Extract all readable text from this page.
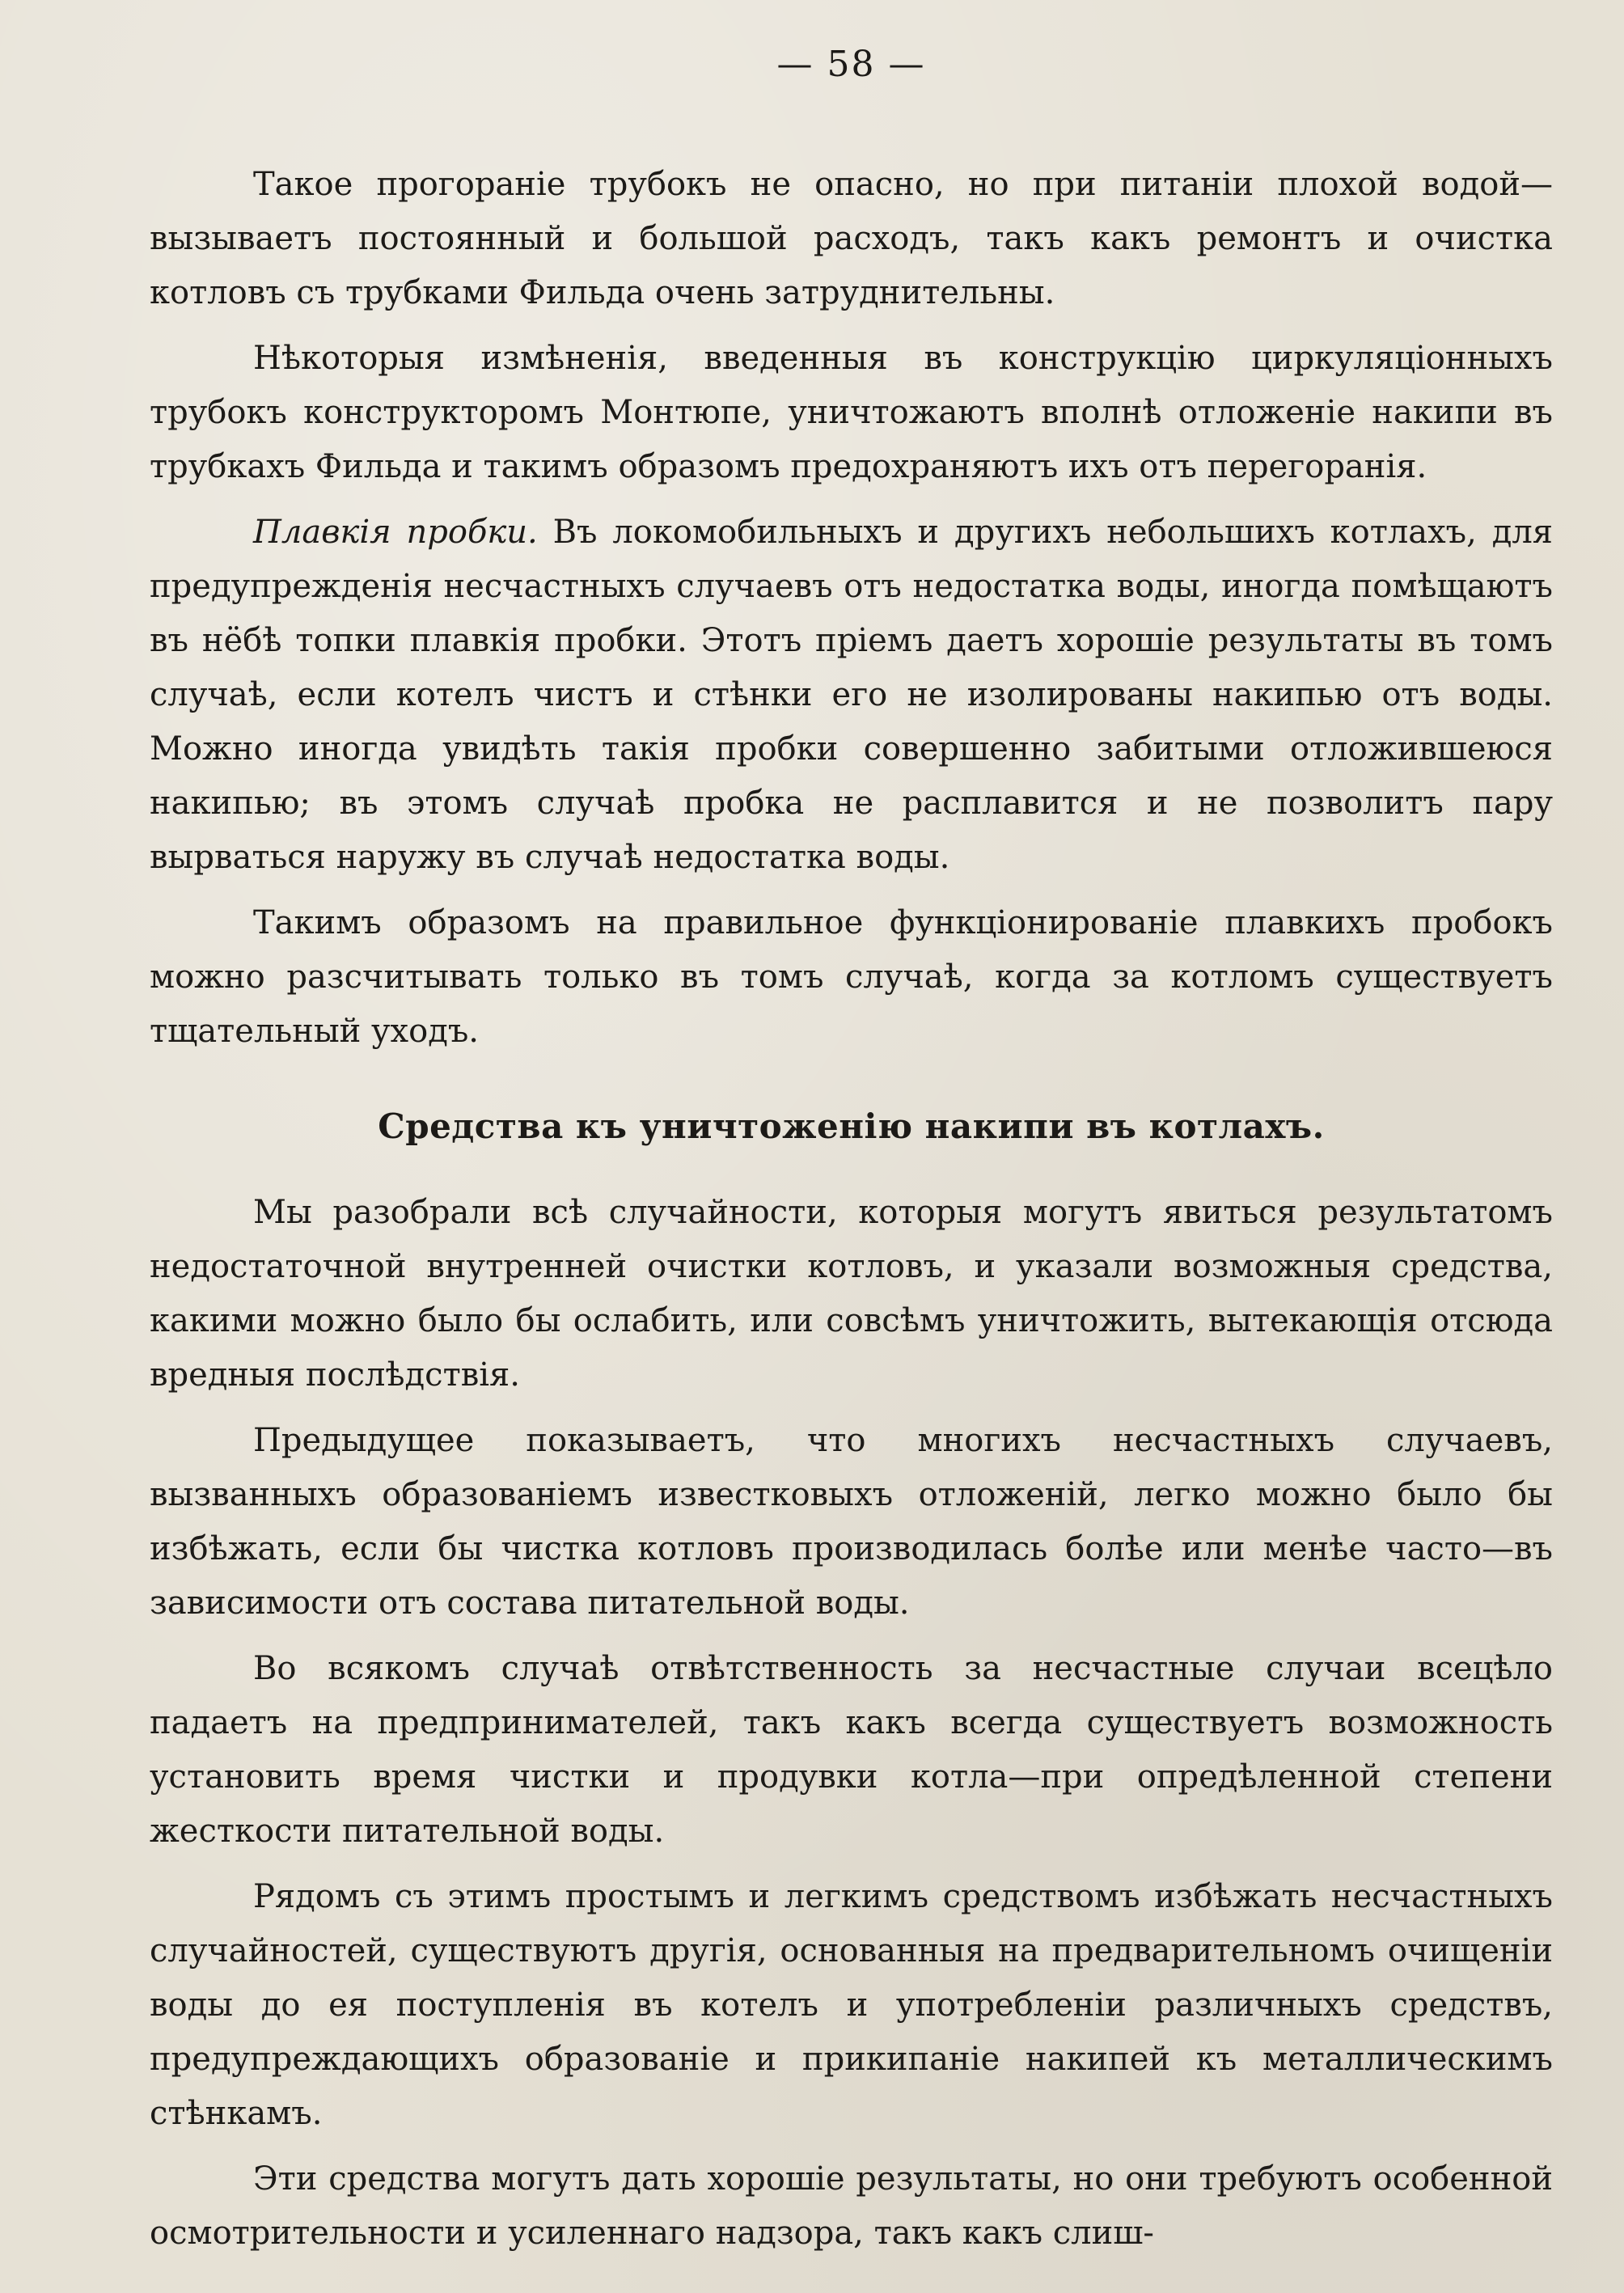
— 58 —

Такое прогораніе трубокъ не опасно, но при питаніи плохой водой—вызываетъ постоянный и большой расходъ, такъ какъ ремонтъ и очистка котловъ съ трубками Фильда очень затруднительны.

Нѣкоторыя измѣненія, введенныя въ конструкцію циркуляціонныхъ трубокъ конструкторомъ Монтюпе, уничтожаютъ вполнѣ отложеніе накипи въ трубкахъ Фильда и такимъ образомъ предохраняютъ ихъ отъ перегоранія.

Плавкія пробки. Въ локомобильныхъ и другихъ небольшихъ котлахъ, для предупрежденія несчастныхъ случаевъ отъ недостатка воды, иногда помѣщаютъ въ нёбѣ топки плавкія пробки. Этотъ пріемъ даетъ хорошіе результаты въ томъ случаѣ, если котелъ чистъ и стѣнки его не изолированы накипью отъ воды. Можно иногда увидѣть такія пробки совершенно забитыми отложившеюся накипью; въ этомъ случаѣ пробка не расплавится и не позволитъ пару вырваться наружу въ случаѣ недостатка воды.

Такимъ образомъ на правильное функціонированіе плавкихъ пробокъ можно разсчитывать только въ томъ случаѣ, когда за котломъ существуетъ тщательный уходъ.

Средства къ уничтоженію накипи въ котлахъ.

Мы разобрали всѣ случайности, которыя могутъ явиться результатомъ недостаточной внутренней очистки котловъ, и указали возможныя средства, какими можно было бы ослабить, или совсѣмъ уничтожить, вытекающія отсюда вредныя послѣдствія.

Предыдущее показываетъ, что многихъ несчастныхъ случаевъ, вызванныхъ образованіемъ известковыхъ отложеній, легко можно было бы избѣжать, если бы чистка котловъ производилась болѣе или менѣе часто—въ зависимости отъ состава питательной воды.

Во всякомъ случаѣ отвѣтственность за несчастные случаи всецѣло падаетъ на предпринимателей, такъ какъ всегда существуетъ возможность установить время чистки и продувки котла—при опредѣленной степени жесткости питательной воды.

Рядомъ съ этимъ простымъ и легкимъ средствомъ избѣжать несчастныхъ случайностей, существуютъ другія, основанныя на предварительномъ очищеніи воды до ея поступленія въ котелъ и употребленіи различныхъ средствъ, предупреждающихъ образованіе и прикипаніе накипей къ металлическимъ стѣнкамъ.

Эти средства могутъ дать хорошіе результаты, но они требуютъ особенной осмотрительности и усиленнаго надзора, такъ какъ слиш-
